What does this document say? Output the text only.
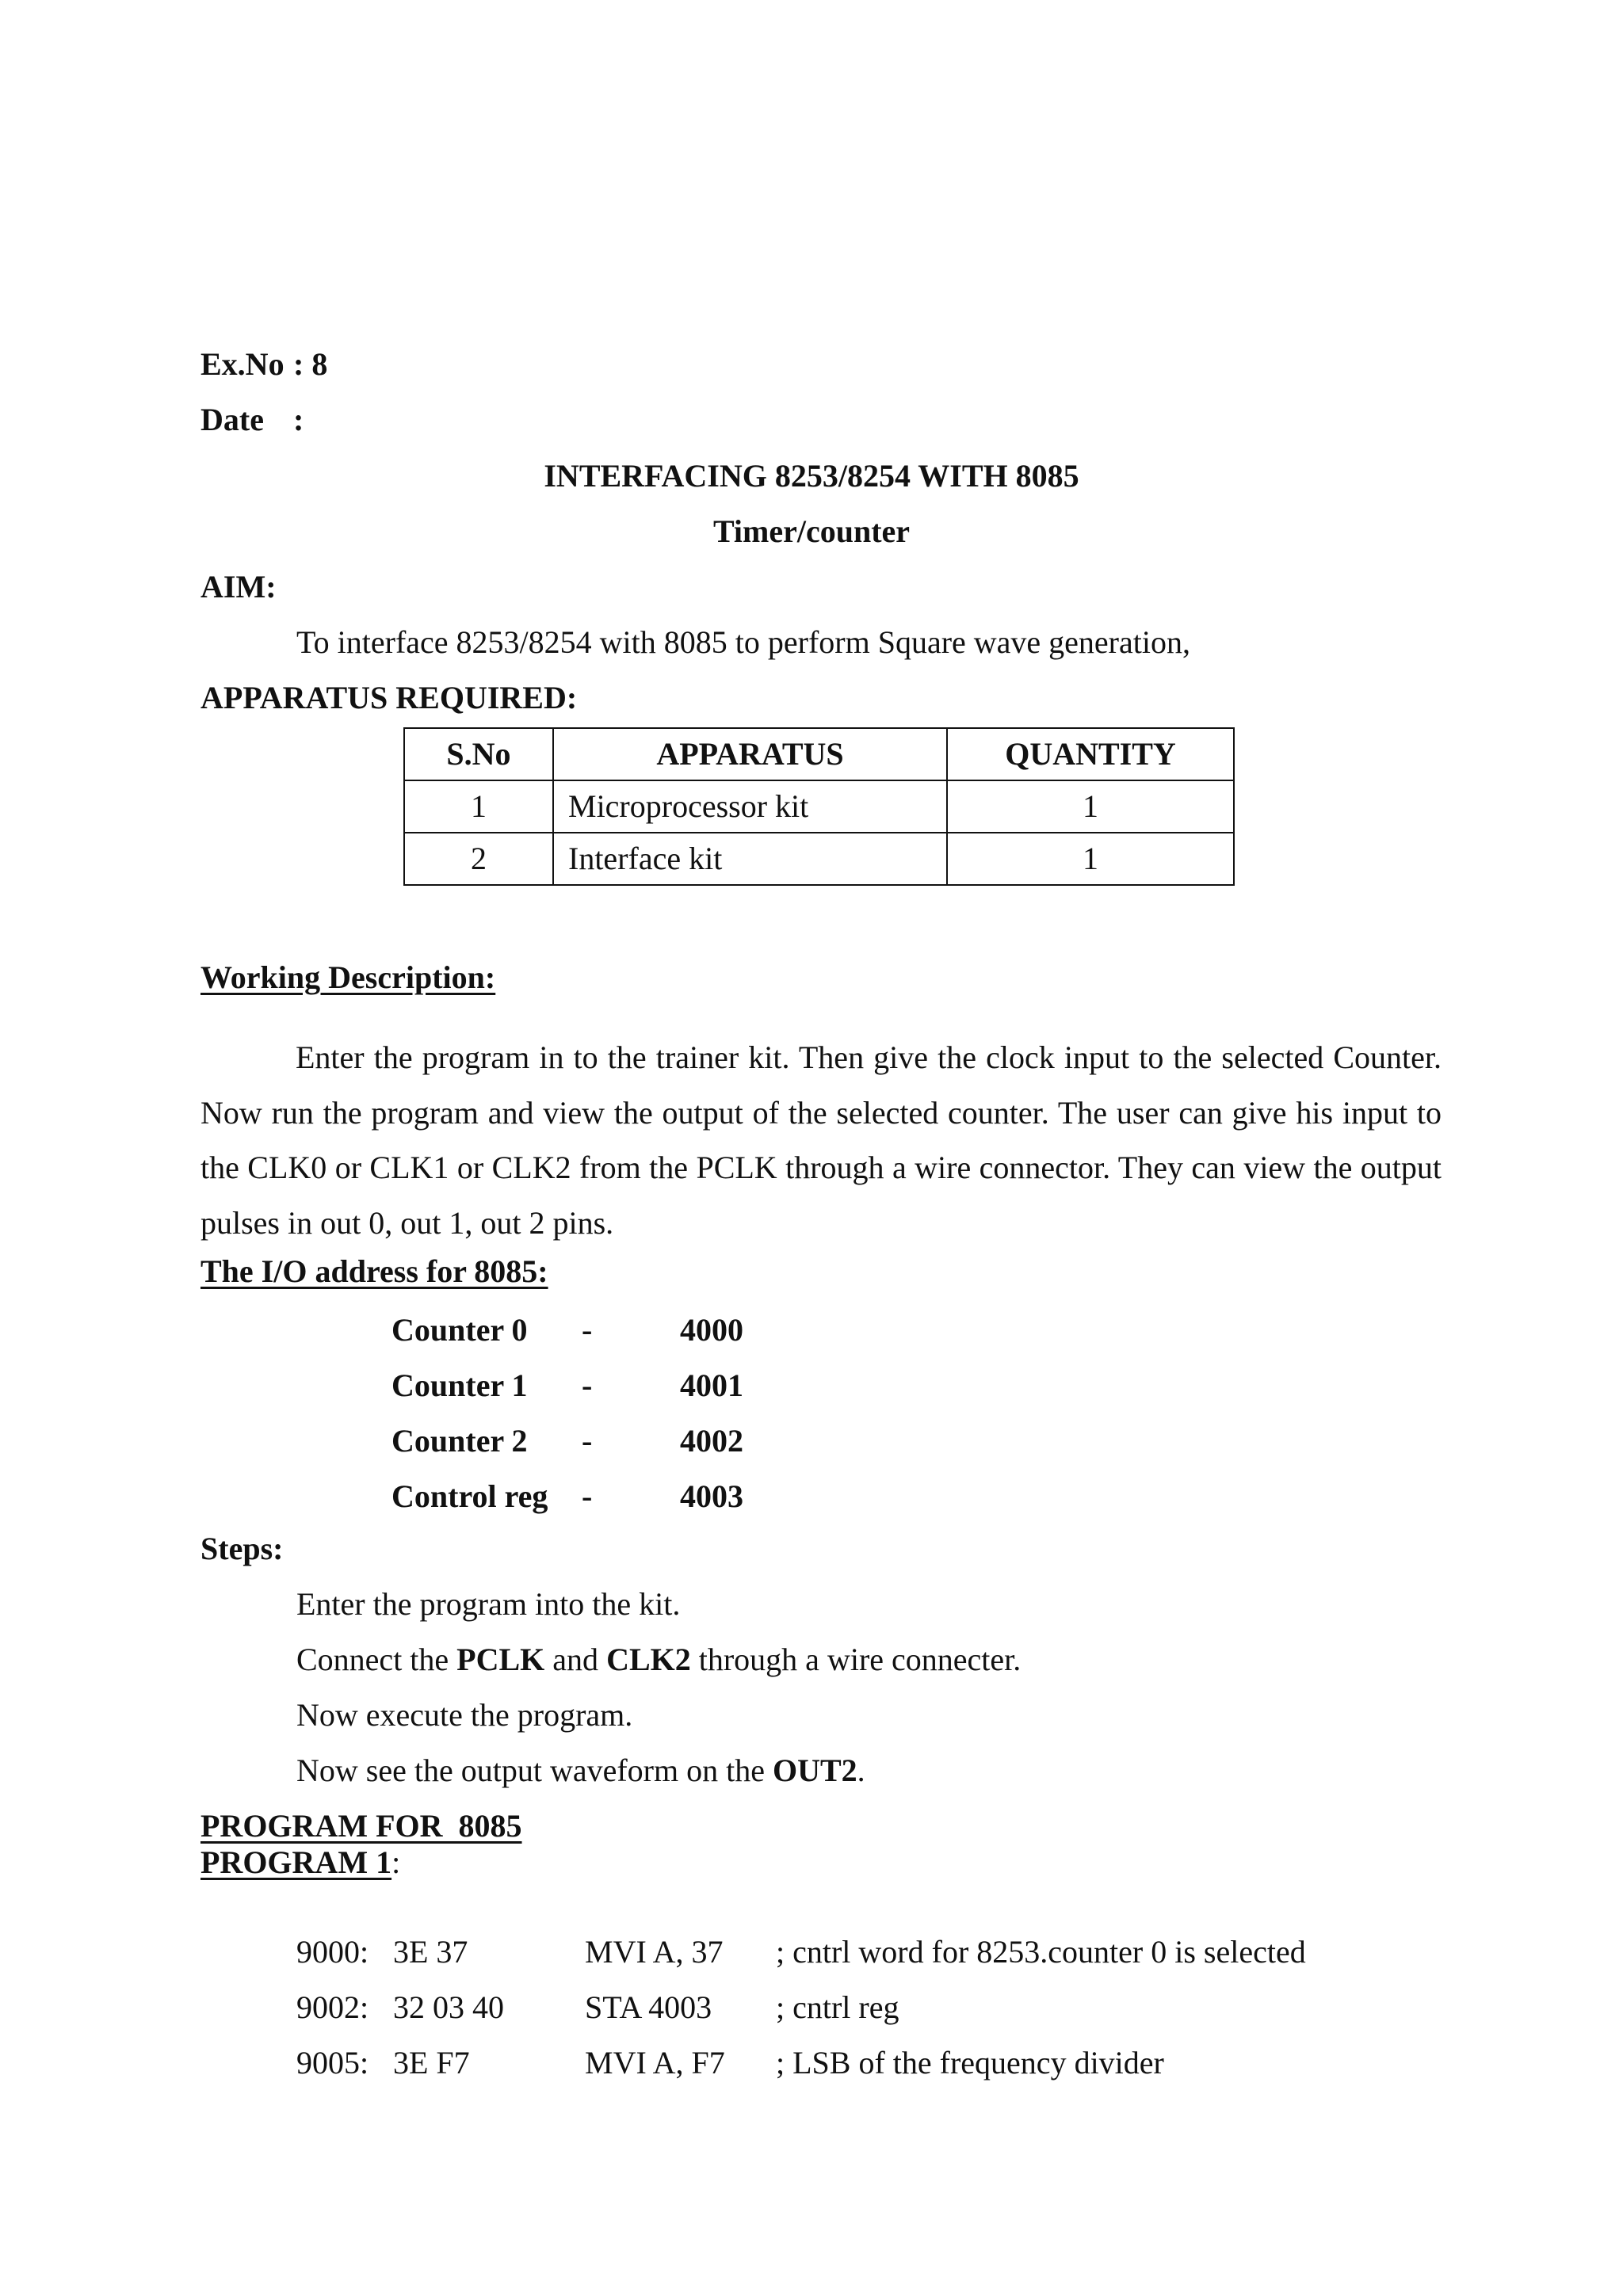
Ex.No : 8
Date :
INTERFACING 8253/8254 WITH 8085
Timer/counter
AIM:
To interface 8253/8254 with 8085 to perform Square wave generation,
APPARATUS REQUIRED:
S.No	APPARATUS	QUANTITY
1	Microprocessor kit	1
2	Interface kit	1
Working Description:

Enter the program in to the trainer kit. Then give the clock input to the selected Counter. Now run the program and view the output of the selected counter. The user can give his input to the CLK0 or CLK1 or CLK2 from the PCLK through a wire connector. They can view the output pulses in out 0, out 1, out 2 pins.

The I/O address for 8085:
Counter 0 -	4000
Counter 1 -	4001
Counter 2 -	4002
Control reg -	4003
Steps:
Enter the program into the kit.
Connect the PCLK and CLK2 through a wire connecter.
Now execute the program.
Now see the output waveform on the OUT2.
PROGRAM FOR  8085
PROGRAM 1:
9000: 3E 37	MVI A, 37 ; cntrl word for 8253.counter 0 is selected
9002: 32 03 40	STA 4003 ; cntrl reg
9005: 3E F7	MVI A, F7 ; LSB of the frequency divider
